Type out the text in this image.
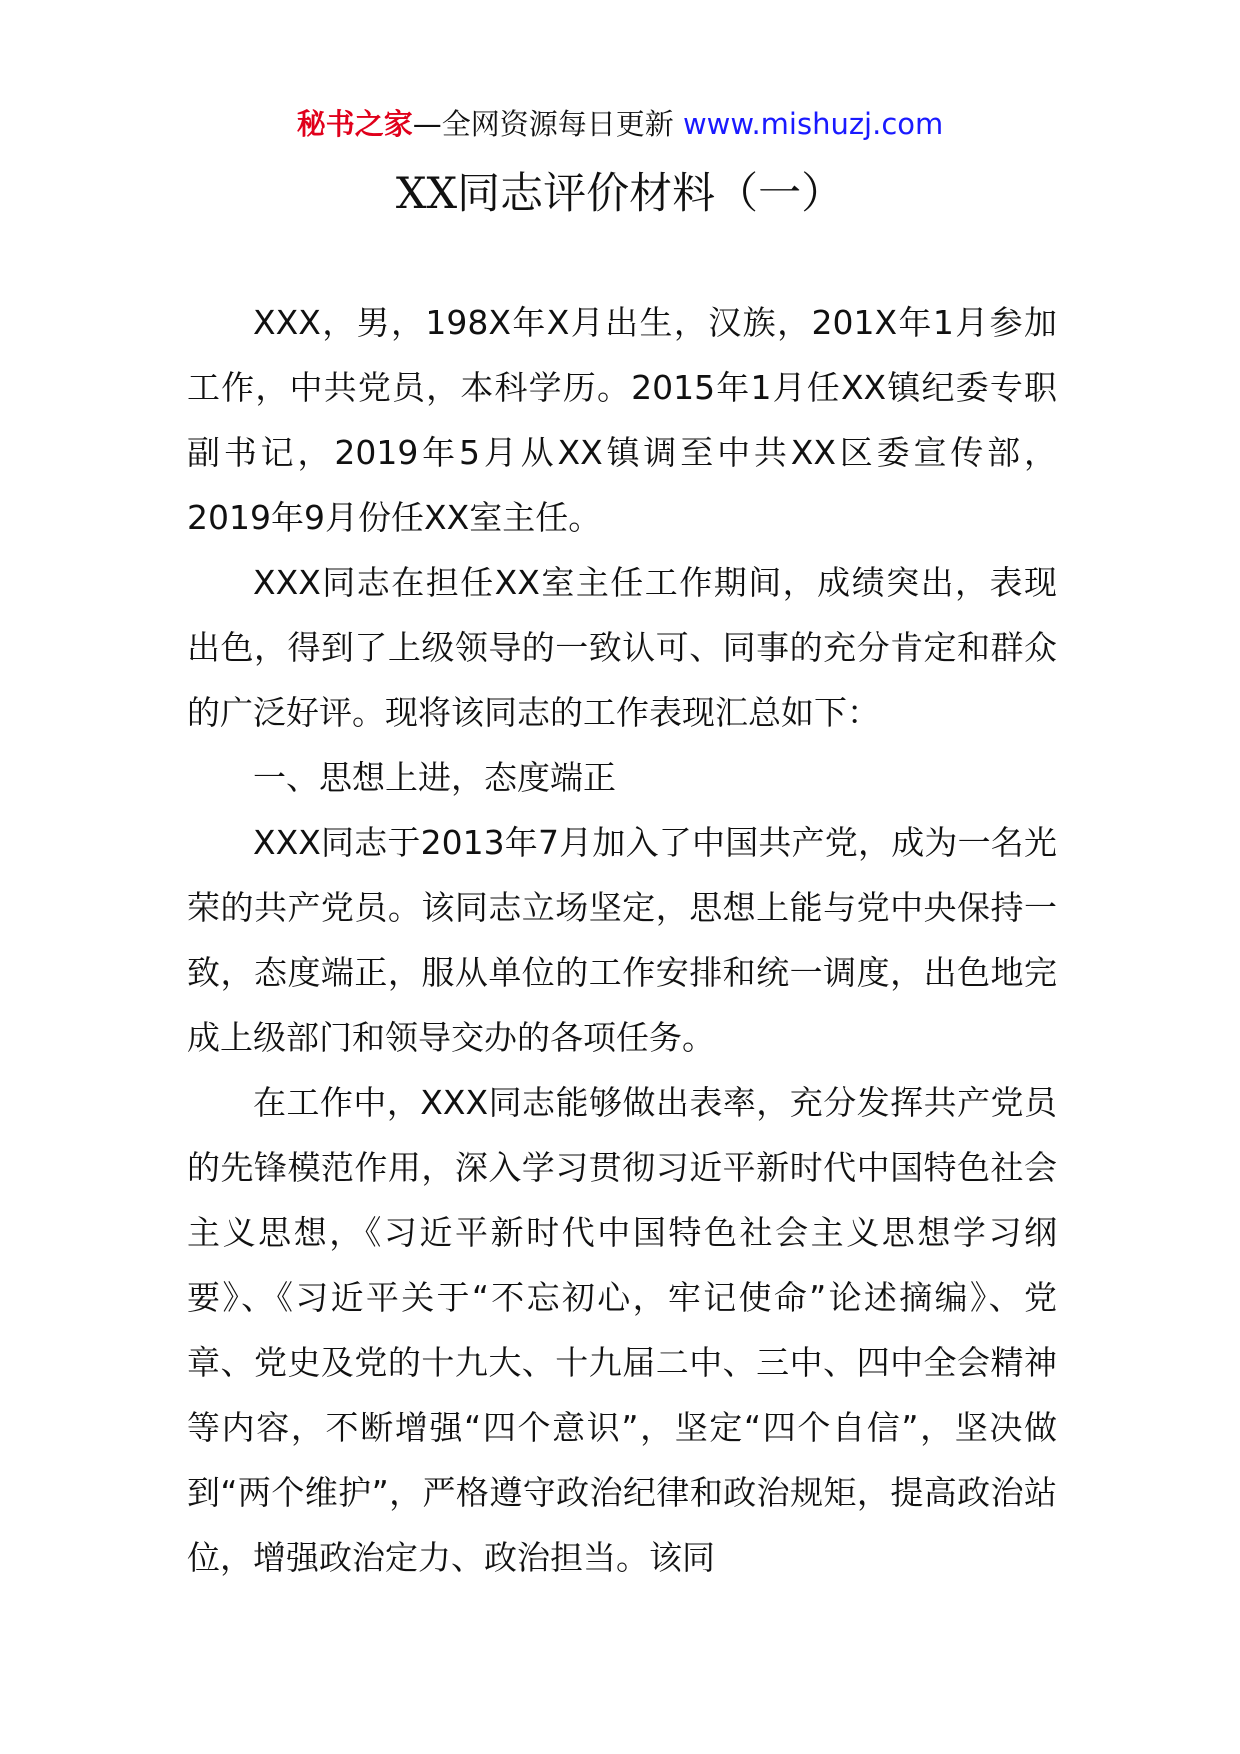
秘书之家—全网资源每日更新 www.mishuzj.com
XX同志评价材料（一）

XXX，男，198X年X月出生，汉族，201X年1月参加工作，中共党员，本科学历。2015年1月任XX镇纪委专职副书记，2019年5月从XX镇调至中共XX区委宣传部，2019年9月份任XX室主任。

XXX同志在担任XX室主任工作期间，成绩突出，表现出色，得到了上级领导的一致认可、同事的充分肯定和群众的广泛好评。现将该同志的工作表现汇总如下：

一、思想上进，态度端正

XXX同志于2013年7月加入了中国共产党，成为一名光荣的共产党员。该同志立场坚定，思想上能与党中央保持一致，态度端正，服从单位的工作安排和统一调度，出色地完成上级部门和领导交办的各项任务。

在工作中，XXX同志能够做出表率，充分发挥共产党员的先锋模范作用，深入学习贯彻习近平新时代中国特色社会主义思想，《习近平新时代中国特色社会主义思想学习纲要》、《习近平关于“不忘初心，牢记使命”论述摘编》、党章、党史及党的十九大、十九届二中、三中、四中全会精神等内容，不断增强“四个意识”，坚定“四个自信”，坚决做到“两个维护”，严格遵守政治纪律和政治规矩，提高政治站位，增强政治定力、政治担当。该同
